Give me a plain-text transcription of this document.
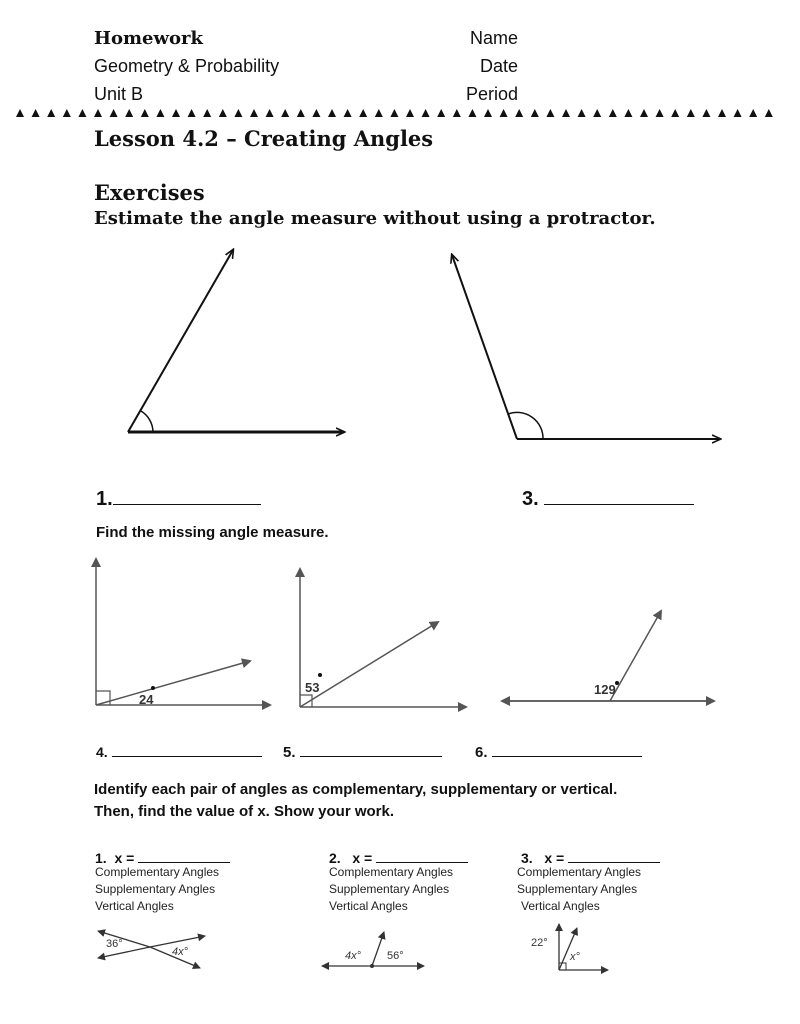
Homework
Geometry & Probability
Unit B
Name
Date
Period
Lesson 4.2 – Creating Angles
Exercises
Estimate the angle measure without using a protractor.
1.	3.
Find the missing angle measure.
24
53	129
4.	5.	6.
Identify each pair of angles as complementary, supplementary or vertical.
Then, find the value of x. Show your work.
1. x =
Complementary Angles
Supplementary Angles
Vertical Angles
2. x =
Complementary Angles
Supplementary Angles
Vertical Angles
3. x =
Complementary Angles
Supplementary Angles
Vertical Angles
36°
4x°	4x° 56°
22°
x°
